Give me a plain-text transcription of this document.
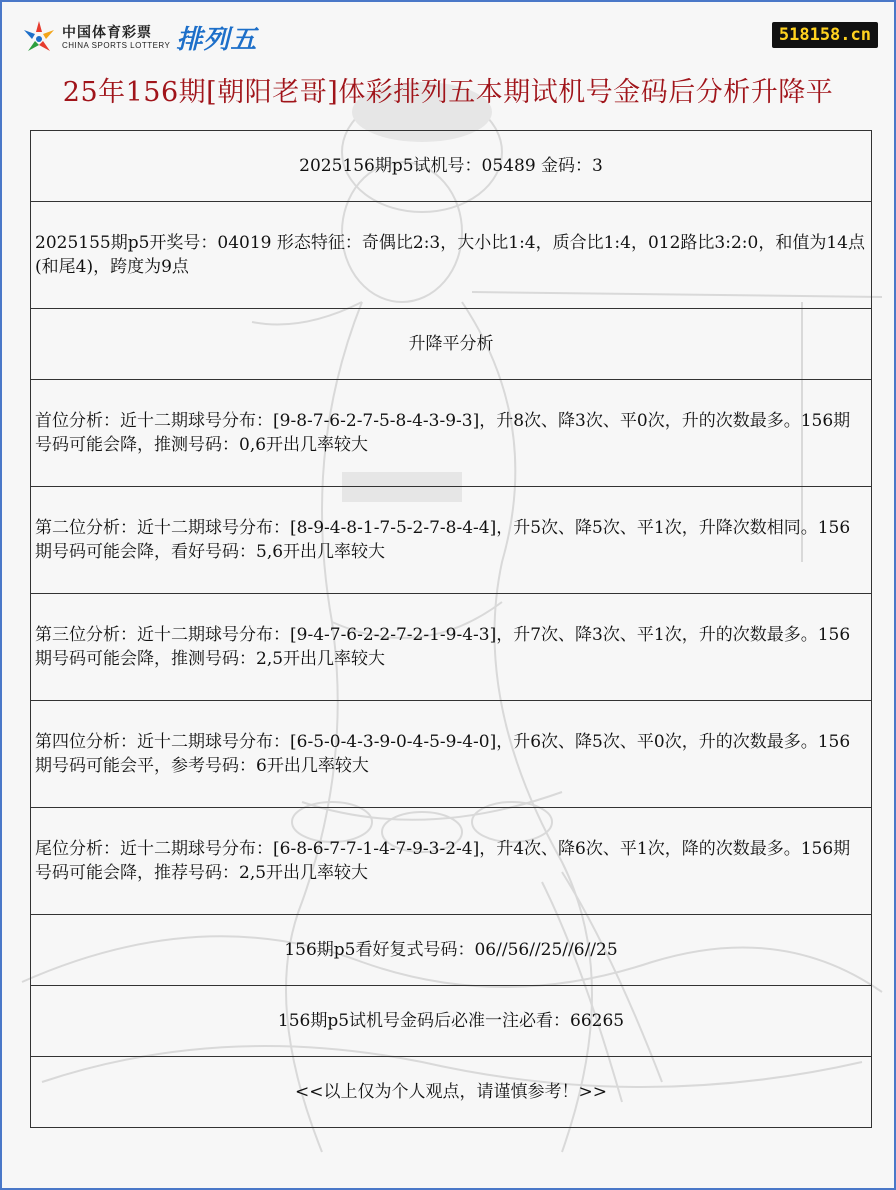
中国体育彩票
CHINA SPORTS LOTTERY 排列五	518158.cn
25年156期[朝阳老哥]体彩排列五本期试机号金码后分析升降平
2025156期p5试机号：05489 金码：3
2025155期p5开奖号：04019 形态特征：奇偶比2:3，大小比1:4，质合比1:4，012路比3:2:0，和值为14点(和尾4)，跨度为9点
升降平分析
首位分析：近十二期球号分布：[9-8-7-6-2-7-5-8-4-3-9-3]，升8次、降3次、平0次，升的次数最多。156期号码可能会降，推测号码：0,6开出几率较大
第二位分析：近十二期球号分布：[8-9-4-8-1-7-5-2-7-8-4-4]，升5次、降5次、平1次，升降次数相同。156期号码可能会降，看好号码：5,6开出几率较大
第三位分析：近十二期球号分布：[9-4-7-6-2-2-7-2-1-9-4-3]，升7次、降3次、平1次，升的次数最多。156期号码可能会降，推测号码：2,5开出几率较大
第四位分析：近十二期球号分布：[6-5-0-4-3-9-0-4-5-9-4-0]，升6次、降5次、平0次，升的次数最多。156期号码可能会平，参考号码：6开出几率较大
尾位分析：近十二期球号分布：[6-8-6-7-7-1-4-7-9-3-2-4]，升4次、降6次、平1次，降的次数最多。156期号码可能会降，推荐号码：2,5开出几率较大
156期p5看好复式号码：06//56//25//6//25
156期p5试机号金码后必准一注必看：66265
<<以上仅为个人观点，请谨慎参考！>>
